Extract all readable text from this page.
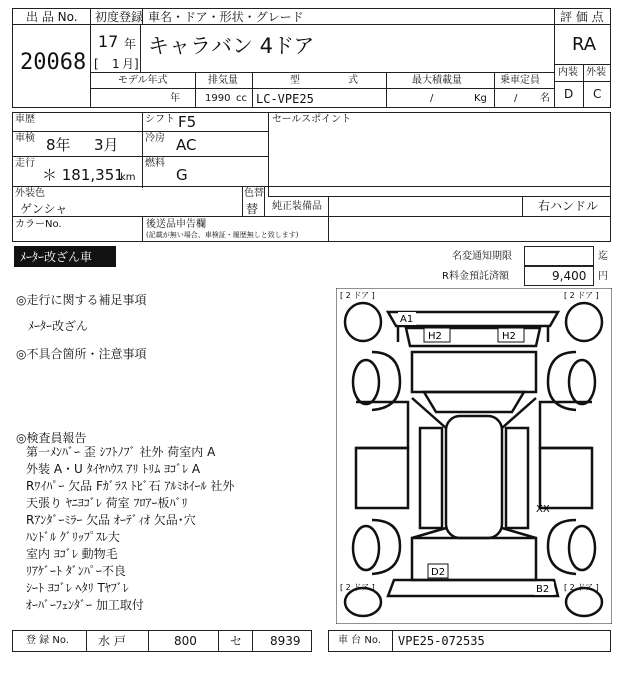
出 品 No.
20068
初度登録 車名・ドア・形状・グレード
17 年
[ 1 月]
キャラバン 4ドア
評 価 点
RA
内装 外装
D C
モデル年式	排気量	型	式	最大積載量	乗車定員
年	1990 cc LC-VPE25	/	Kg	/ 名
車歴	シフト F5	セールスポイント
車検 8年 3月	冷房 AC
走行
＊ 181,351
km
燃料
G
外装色
ゲンシャ
色替
替 純正装備品	右ハンドル
カラーNo.	後送品申告欄
(記載が無い場合、車検証・履歴無しと致します)
ﾒｰﾀｰ改ざん車	名変通知期限	迄
R料金預託済額	9,400 円
◎走行に関する補足事項
ﾒｰﾀｰ改ざん
◎不具合箇所・注意事項
◎検査員報告
第一ﾒﾝﾊﾞｰ 歪 ｼﾌﾄﾉﾌﾞ 社外 荷室内 A
外装 A・U ﾀｲﾔﾊｳｽ ｱﾘ ﾄﾘﾑ ﾖｺﾞﾚ A
Rﾜｲﾊﾟｰ 欠品 Fｶﾞﾗｽ ﾄﾋﾞ石 ｱﾙﾐﾎｲｰﾙ 社外
天張り ﾔﾆﾖｺﾞﾚ 荷室 ﾌﾛｱｰ板ﾊﾞﾘ
Rｱﾝﾀﾞｰﾐﾗｰ 欠品 ｵｰﾃﾞｨｵ 欠品･穴
ﾊﾝﾄﾞﾙ ｸﾞﾘｯﾌﾟｽﾚ大
室内 ﾖｺﾞﾚ 動物毛
ﾘｱｹﾞｰﾄ ﾀﾞﾝﾊﾟｰ不良
ｼｰﾄ ﾖｺﾞﾚ ﾍﾀﾘ Tﾔﾌﾞﾚ
ｵｰﾊﾞｰﾌｪﾝﾀﾞｰ 加工取付
[ 2 ドア ]	[ 2 ドア ]
[ 2 ドア ]	[ 2 ドア ]
A1
H2	H2
XX
D2
B2
登 録 No. 水 戸	800	セ 8939	車 台 No. VPE25-072535
